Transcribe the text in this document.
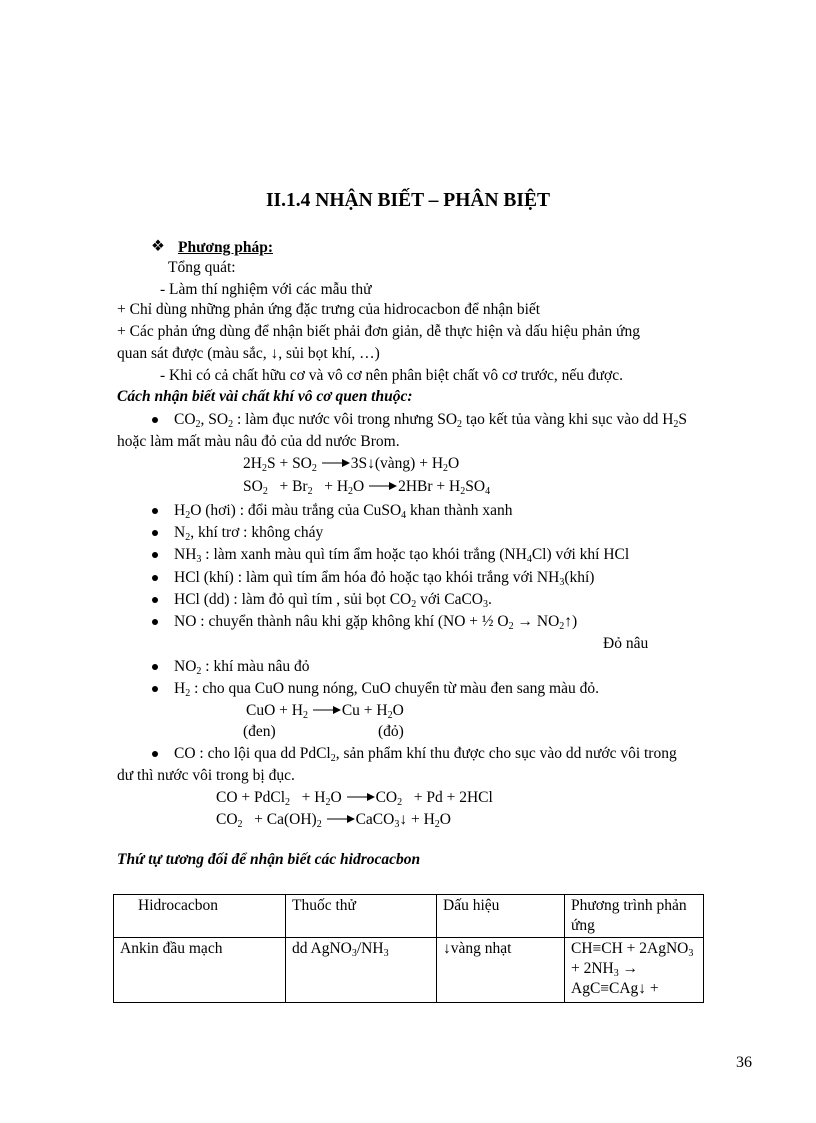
II.1.4 NHẬN BIẾT – PHÂN BIỆT
❖ Phương pháp:
Tổng quát:
- Làm thí nghiệm với các mẫu thử
+ Chỉ dùng những phản ứng đặc trưng của hidrocacbon để nhận biết
+ Các phản ứng dùng để nhận biết phải đơn giản, dễ thực hiện và dấu hiệu phản ứng
quan sát được (màu sắc, ↓, sủi bọt khí, …)
- Khi có cả chất hữu cơ và vô cơ nên phân biệt chất vô cơ trước, nếu được.
Cách nhận biết vài chất khí vô cơ quen thuộc:
$CO_2$, $SO_2$ : làm đục nước vôi trong nhưng $SO_2$ tạo kết tủa vàng khi sục vào dd $H_2S$
hoặc làm mất màu nâu đỏ của dd nước Brom.
$2H_2S + SO_2$ 3S↓(vàng) + $H_2O$
$SO_2 + Br_2 + H_2O$ $2HBr + H_2SO_4$
$H_2O$ (hơi) : đổi màu trắng của CuSO$_4$ khan thành xanh
$N_2$, khí trơ : không cháy
$NH_3$ : làm xanh màu quì tím ẩm hoặc tạo khói trắng $(NH_4Cl)$ với khí HCl
HCl (khí) : làm quì tím ẩm hóa đỏ hoặc tạo khói trắng với $NH_3(khí)$
HCl (dd) : làm đỏ quì tím , sủi bọt $CO_2$ với CaCO$_3$.
NO : chuyển thành nâu khi gặp không khí (NO + ½ $O_2$ → $NO_2↑$)
Đỏ nâu
$NO_2$ : khí màu nâu đỏ
$H_2$ : cho qua CuO nung nóng, CuO chuyển từ màu đen sang màu đỏ.
CuO + $H_2$ $Cu + H_2O$
(đen)	(đỏ)
CO : cho lội qua dd PdCl$_2$, sản phẩm khí thu được cho sục vào dd nước vôi trong
dư thì nước vôi trong bị đục.
CO + PdCl$_2$   + $H_2O$ $CO_2 + Pd + 2HCl$
$CO_2 + Ca(OH)_2$ CaCO$_3$↓ + $H_2O$
Thứ tự tương đối để nhận biết các hidrocacbon
Hidrocacbon	Thuốc thử	Dấu hiệu	Phương trình phản ứng
Ankin đầu mạch	dd $AgNO_3/NH_3$	↓vàng nhạt	CH≡CH + 2AgNO$_3$
+ $2NH_3$ →
AgC≡CAg↓ +
36
